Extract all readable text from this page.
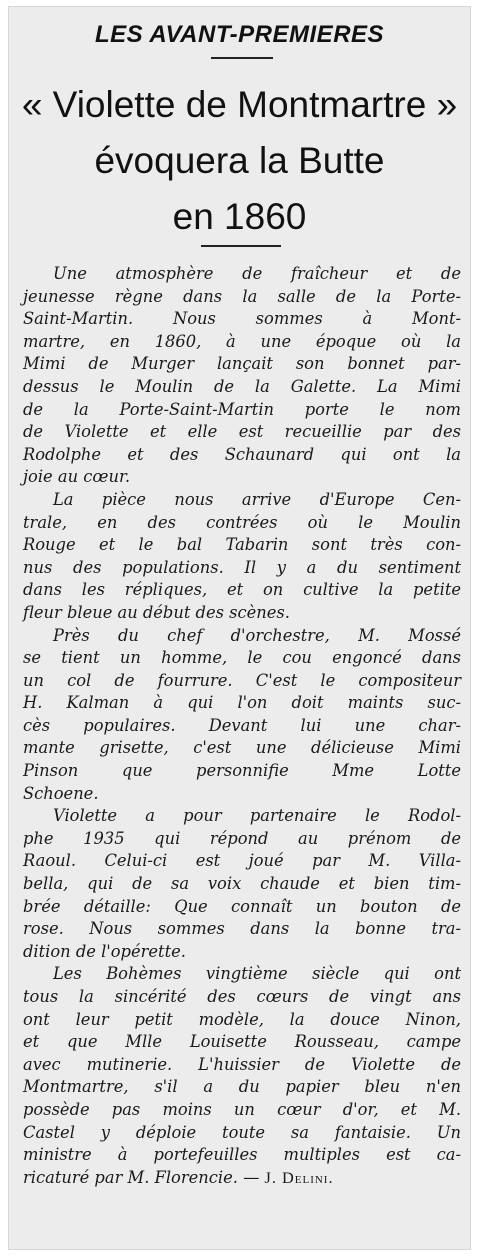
LES AVANT-PREMIERES
« Violette de Montmartre »
évoquera la Butte
en 1860

Une atmosphère de fraîcheur et de
jeunesse règne dans la salle de la Porte-
Saint-Martin. Nous sommes à Mont-
martre, en 1860, à une époque où la
Mimi de Murger lançait son bonnet par-
dessus le Moulin de la Galette. La Mimi
de la Porte-Saint-Martin porte le nom
de Violette et elle est recueillie par des
Rodolphe et des Schaunard qui ont la
joie au cœur.

La pièce nous arrive d'Europe Cen-
trale, en des contrées où le Moulin
Rouge et le bal Tabarin sont très con-
nus des populations. Il y a du sentiment
dans les répliques, et on cultive la petite
fleur bleue au début des scènes.

Près du chef d'orchestre, M. Mossé
se tient un homme, le cou engoncé dans
un col de fourrure. C'est le compositeur
H. Kalman à qui l'on doit maints suc-
cès populaires. Devant lui une char-
mante grisette, c'est une délicieuse Mimi
Pinson que personnifie Mme Lotte
Schoene.

Violette a pour partenaire le Rodol-
phe 1935 qui répond au prénom de
Raoul. Celui-ci est joué par M. Villa-
bella, qui de sa voix chaude et bien tim-
brée détaille: Que connaît un bouton de
rose. Nous sommes dans la bonne tra-
dition de l'opérette.

Les Bohèmes vingtième siècle qui ont
tous la sincérité des cœurs de vingt ans
ont leur petit modèle, la douce Ninon,
et que Mlle Louisette Rousseau, campe
avec mutinerie. L'huissier de Violette de
Montmartre, s'il a du papier bleu n'en
possède pas moins un cœur d'or, et M.
Castel y déploie toute sa fantaisie. Un
ministre à portefeuilles multiples est ca-
ricaturé par M. Florencie. — J. Delini.
